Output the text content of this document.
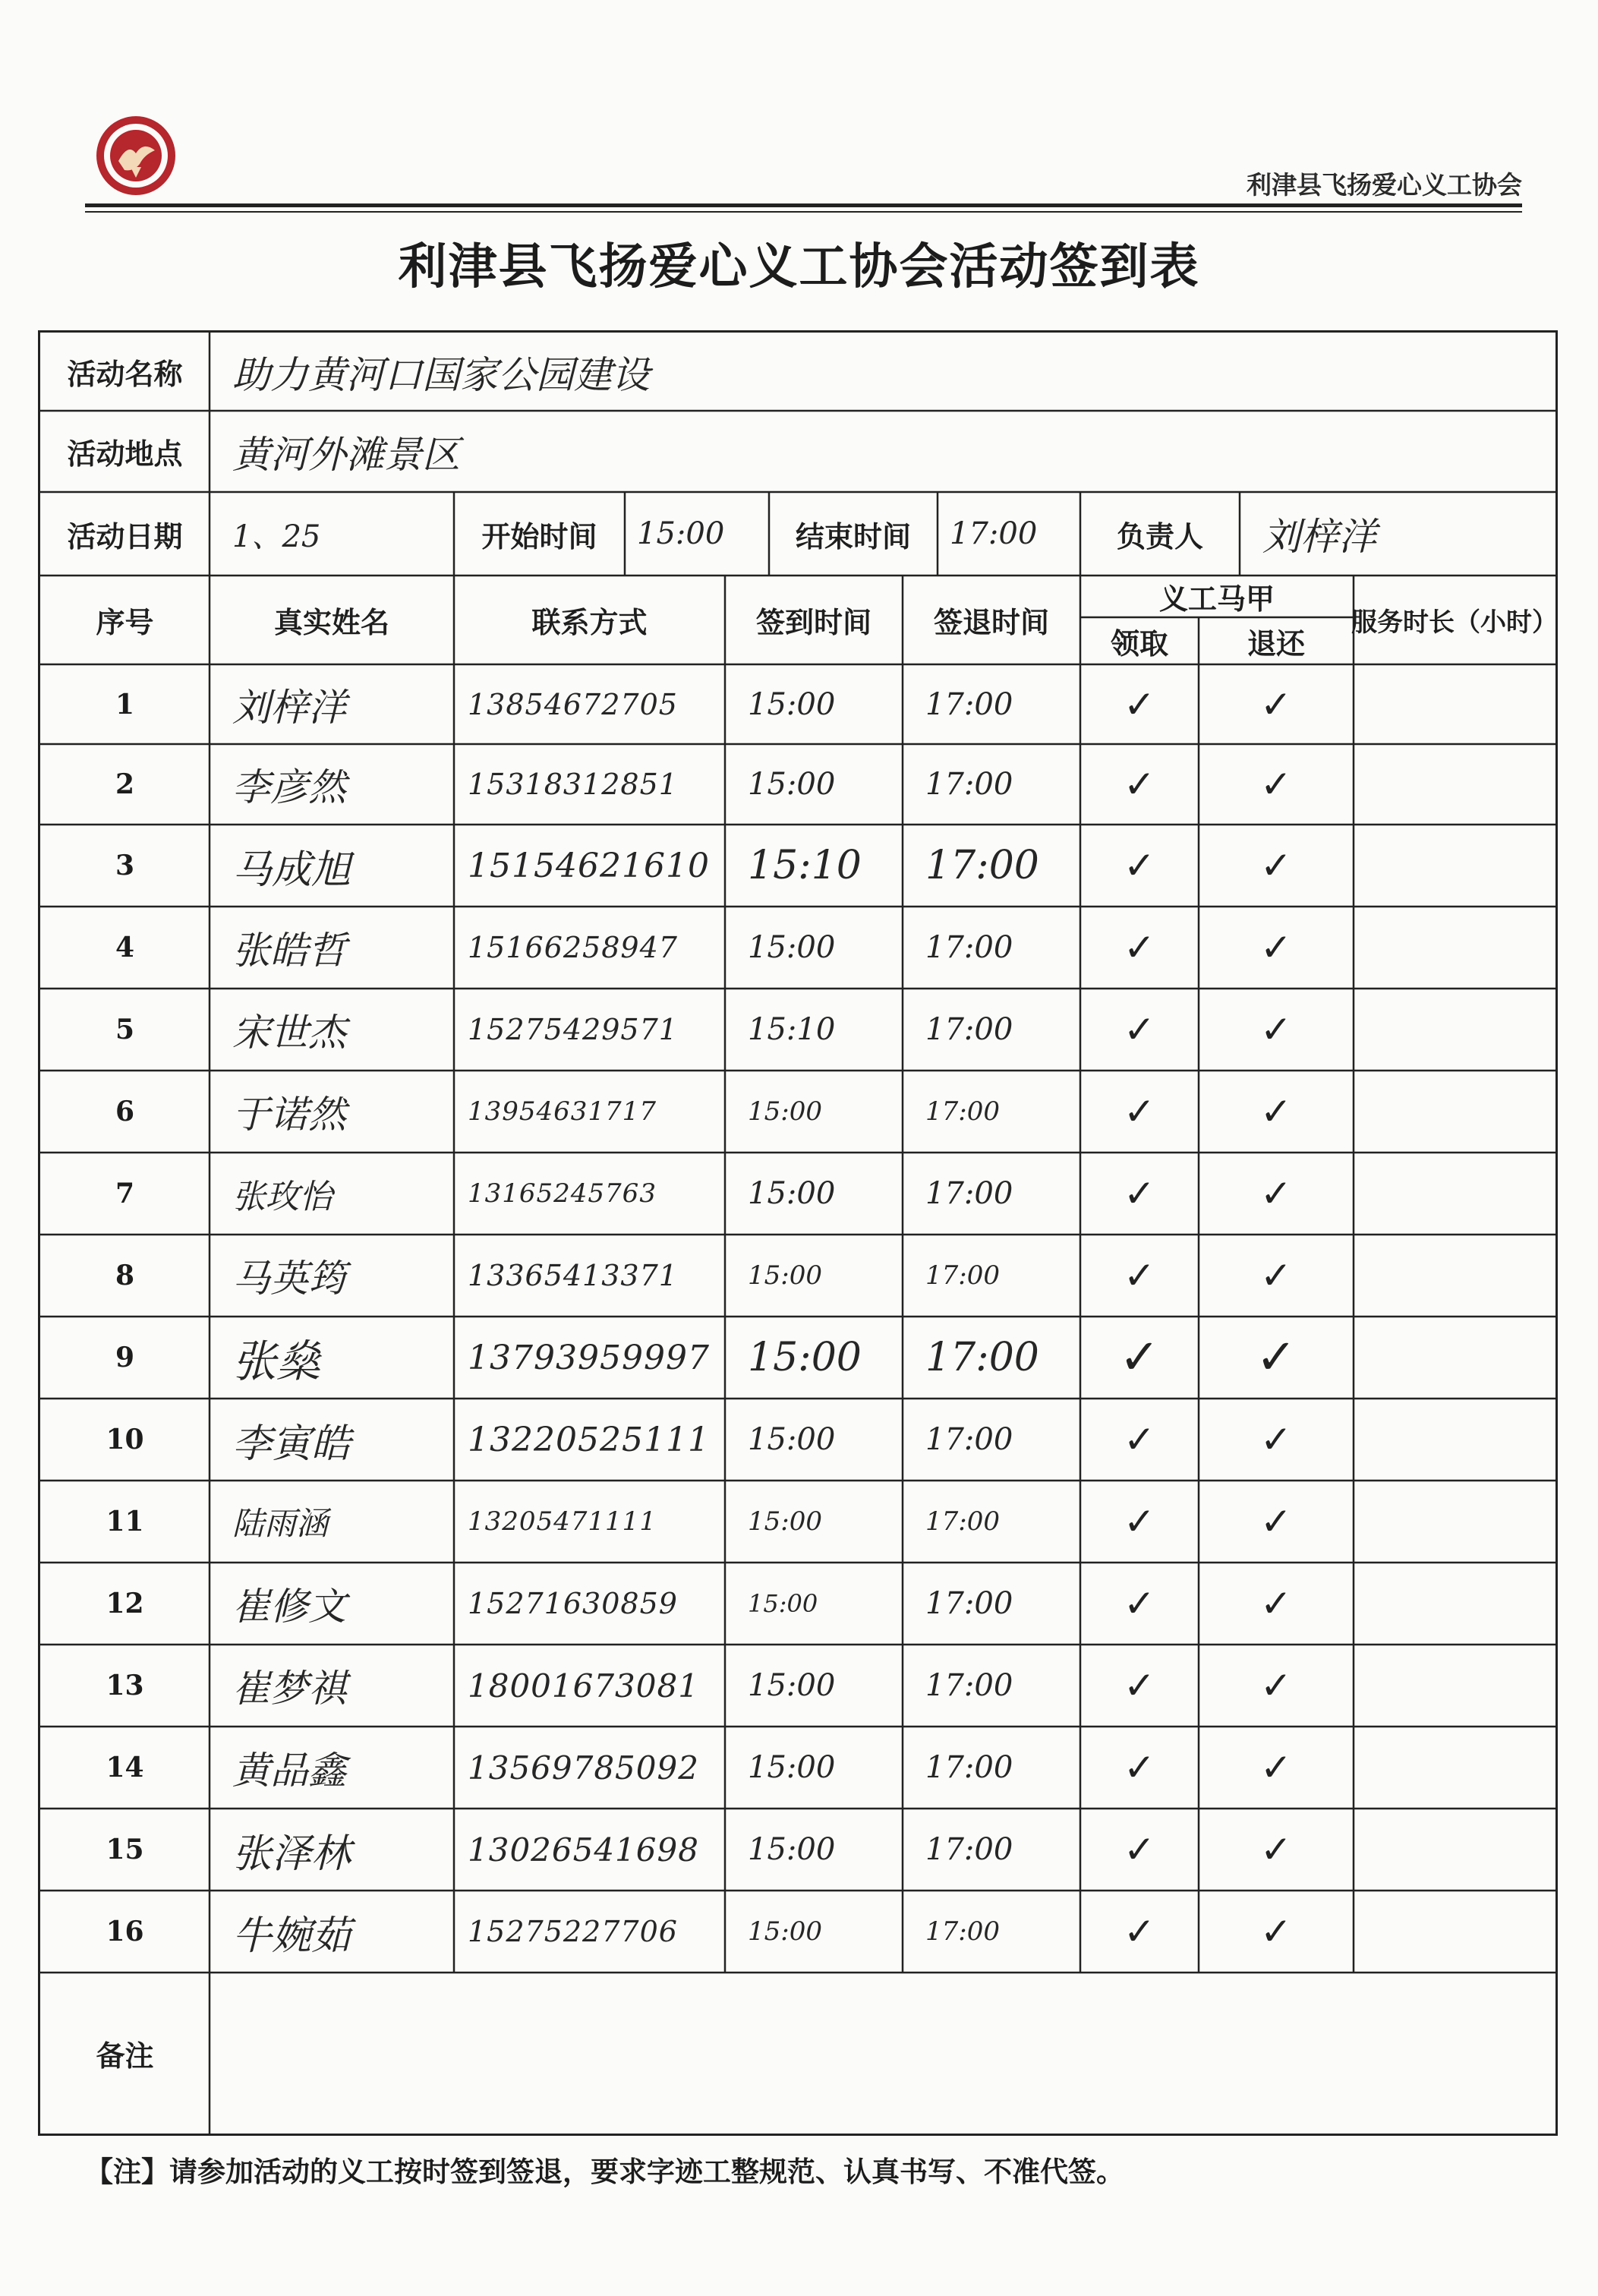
利津县飞扬爱心义工协会
利津县飞扬爱心义工协会活动签到表
活动名称	助力黄河口国家公园建设
活动地点	黄河外滩景区
活动日期	1、25	开始时间	15:00	结束时间	17:00	负责人	刘梓洋
序号	真实姓名	联系方式	签到时间	签退时间
义工马甲
领取	退还
服务时长（小时）
1	刘梓洋	13854672705	15:00	17:00	✓	✓
2	李彦然	15318312851	15:00	17:00	✓	✓
3	马成旭	15154621610 15:10	17:00	✓	✓
4	张皓哲	15166258947	15:00	17:00	✓	✓
5	宋世杰	15275429571	15:10	17:00	✓	✓
6	于诺然	13954631717	15:00	17:00	✓	✓
7	张玫怡	13165245763	15:00	17:00	✓	✓
8	马英筠	13365413371	15:00	17:00	✓	✓
9	张燊	13793959997 15:00	17:00	✓	✓
10	李寅皓	13220525111	15:00	17:00	✓	✓
11	陆雨涵	13205471111	15:00	17:00	✓	✓
12	崔修文	15271630859	15:00	17:00	✓	✓
13	崔梦祺	18001673081	15:00	17:00	✓	✓
14	黄品鑫	13569785092	15:00	17:00	✓	✓
15	张泽林	13026541698	15:00	17:00	✓	✓
16	牛婉茹	15275227706	15:00	17:00	✓	✓
备注
【注】请参加活动的义工按时签到签退，要求字迹工整规范、认真书写、不准代签。
